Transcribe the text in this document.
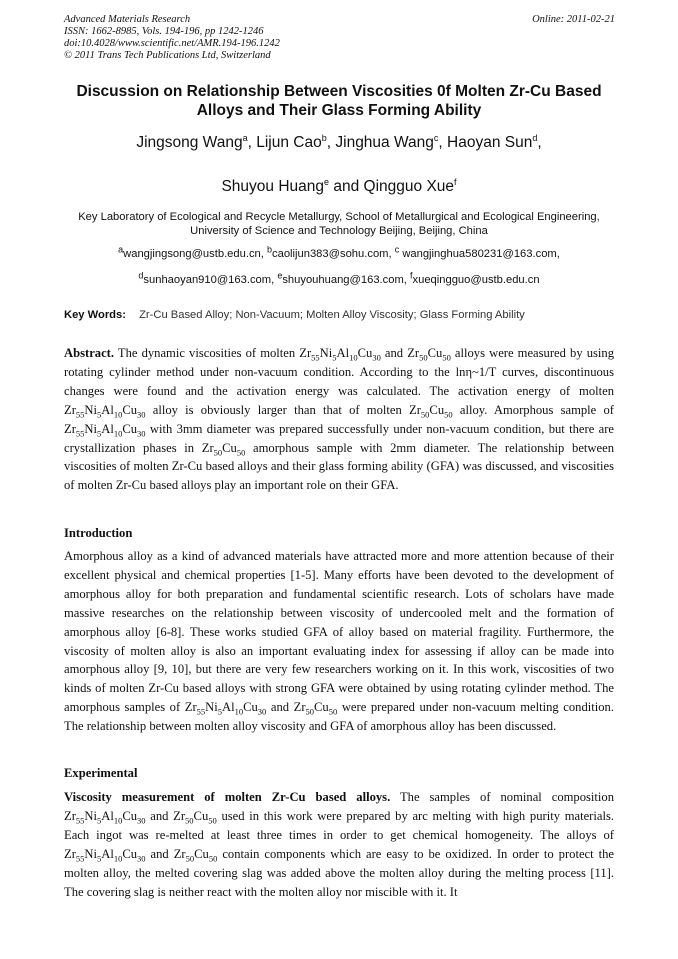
Advanced Materials Research
ISSN: 1662-8985, Vols. 194-196, pp 1242-1246
doi:10.4028/www.scientific.net/AMR.194-196.1242
© 2011 Trans Tech Publications Ltd, Switzerland
Online: 2011-02-21
Discussion on Relationship Between Viscosities 0f Molten Zr-Cu Based
Alloys and Their Glass Forming Ability
Jingsong Wang$^a$, Lijun Cao$^b$, Jinghua Wang$^c$, Haoyan Sun$^d$,
Shuyou Huang$^e$ and Qingguo Xue$^f$
Key Laboratory of Ecological and Recycle Metallurgy, School of Metallurgical and Ecological Engineering, University of Science and Technology Beijing, Beijing, China
$^a$wangjingsong@ustb.edu.cn, $^b$caolijun383@sohu.com, $^c$ wangjinghua580231@163.com,
$^d$sunhaoyan910@163.com, $^e$shuyouhuang@163.com, $^f$xueqingguo@ustb.edu.cn
Key Words: Zr-Cu Based Alloy; Non-Vacuum; Molten Alloy Viscosity; Glass Forming Ability
Abstract. The dynamic viscosities of molten $Zr_{55}Ni_5Al_{10}Cu_{30}$ and $Zr_{50}Cu_{50}$ alloys were measured by using rotating cylinder method under non-vacuum condition. According to the lnη~1/T curves, discontinuous changes were found and the activation energy was calculated. The activation energy of molten $Zr_{55}Ni_5Al_{10}Cu_{30}$ alloy is obviously larger than that of molten $Zr_{50}Cu_{50}$ alloy. Amorphous sample of $Zr_{55}Ni_5Al_{10}Cu_{30}$ with 3mm diameter was prepared successfully under non-vacuum condition, but there are crystallization phases in $Zr_{50}Cu_{50}$ amorphous sample with 2mm diameter. The relationship between viscosities of molten Zr-Cu based alloys and their glass forming ability (GFA) was discussed, and viscosities of molten Zr-Cu based alloys play an important role on their GFA.
Introduction
Amorphous alloy as a kind of advanced materials have attracted more and more attention because of their excellent physical and chemical properties [1-5]. Many efforts have been devoted to the development of amorphous alloy for both preparation and fundamental scientific research. Lots of scholars have made massive researches on the relationship between viscosity of undercooled melt and the formation of amorphous alloy [6-8]. These works studied GFA of alloy based on material fragility. Furthermore, the viscosity of molten alloy is also an important evaluating index for assessing if alloy can be made into amorphous alloy [9, 10], but there are very few researchers working on it. In this work, viscosities of two kinds of molten Zr-Cu based alloys with strong GFA were obtained by using rotating cylinder method. The amorphous samples of $Zr_{55}Ni_5Al_{10}Cu_{30}$ and $Zr_{50}Cu_{50}$ were prepared under non-vacuum melting condition. The relationship between molten alloy viscosity and GFA of amorphous alloy has been discussed.
Experimental
Viscosity measurement of molten Zr-Cu based alloys. The samples of nominal composition $Zr_{55}Ni_5Al_{10}Cu_{30}$ and $Zr_{50}Cu_{50}$ used in this work were prepared by arc melting with high purity materials. Each ingot was re-melted at least three times in order to get chemical homogeneity. The alloys of $Zr_{55}Ni_5Al_{10}Cu_{30}$ and $Zr_{50}Cu_{50}$ contain components which are easy to be oxidized. In order to protect the molten alloy, the melted covering slag was added above the molten alloy during the melting process [11]. The covering slag is neither react with the molten alloy nor miscible with it. It
